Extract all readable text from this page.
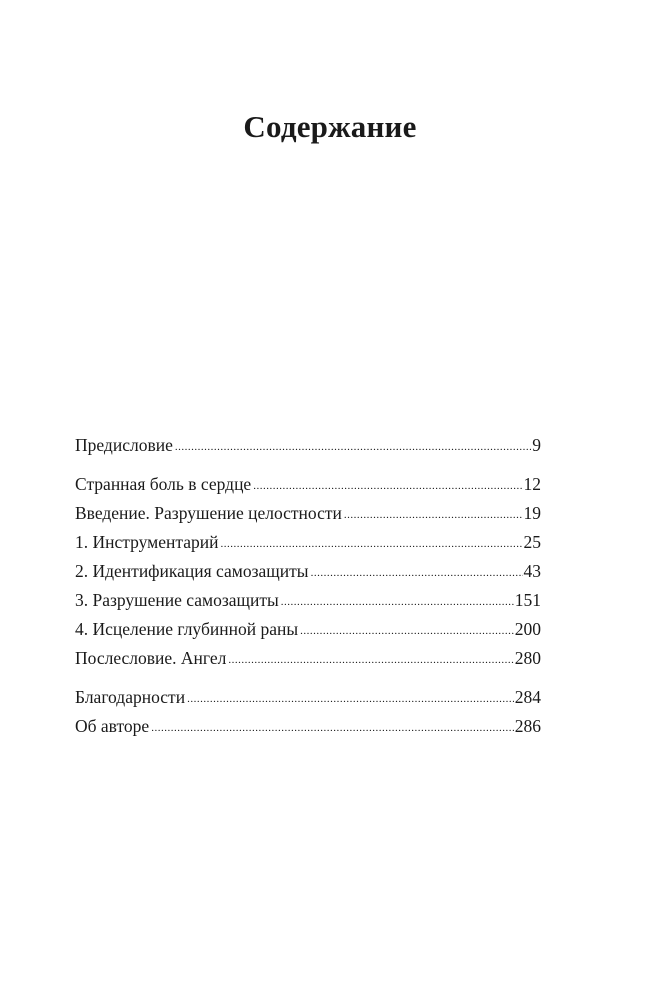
Содержание
Предисловие .....	9
Странная боль в сердце .....	12
Введение. Разрушение целостности .....	19
1. Инструментарий .....	25
2. Идентификация самозащиты .....	43
3. Разрушение самозащиты .....	151
4. Исцеление глубинной раны .....	200
Послесловие. Ангел .....	280
Благодарности .....	284
Об авторе .....	286
